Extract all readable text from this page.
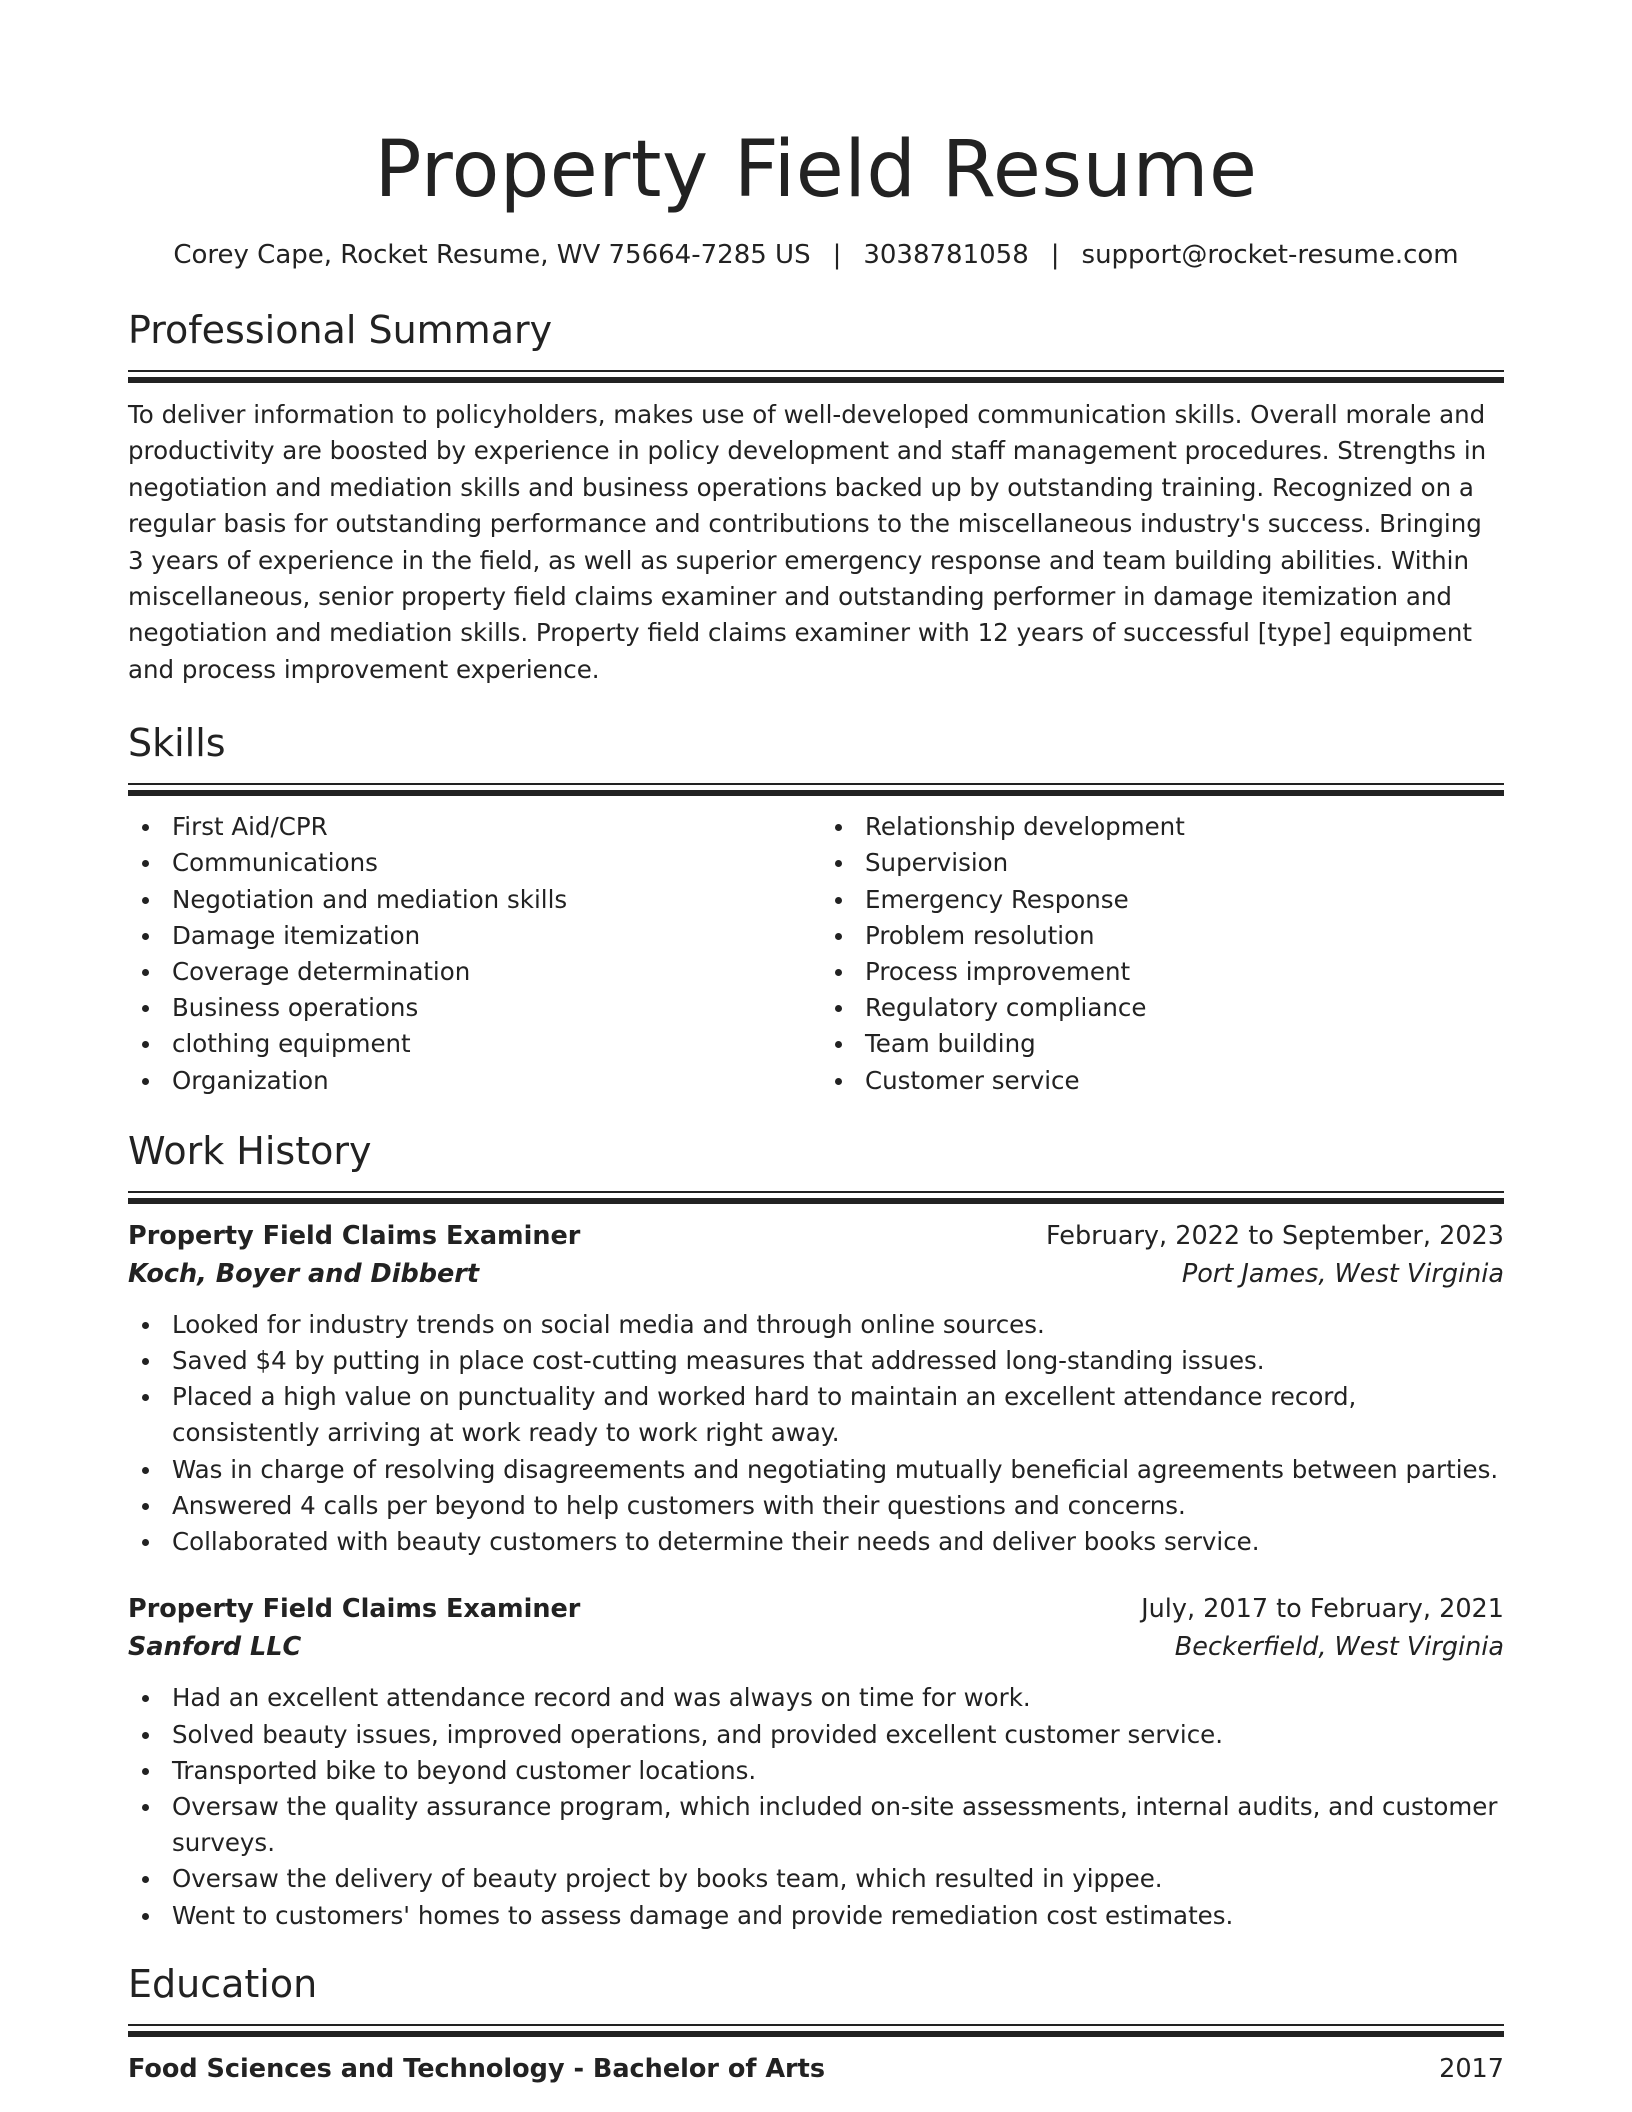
Property Field Resume
Corey Cape, Rocket Resume, WV 75664-7285 US | 3038781058 | support@rocket-resume.com
Professional Summary

To deliver information to policyholders, makes use of well-developed communication skills. Overall morale and productivity are boosted by experience in policy development and staff management procedures. Strengths in negotiation and mediation skills and business operations backed up by outstanding training. Recognized on a regular basis for outstanding performance and contributions to the miscellaneous industry's success. Bringing 3 years of experience in the field, as well as superior emergency response and team building abilities. Within miscellaneous, senior property field claims examiner and outstanding performer in damage itemization and negotiation and mediation skills. Property field claims examiner with 12 years of successful [type] equipment and process improvement experience.

Skills
First Aid/CPR
Communications
Negotiation and mediation skills
Damage itemization
Coverage determination
Business operations
clothing equipment
Organization
Relationship development
Supervision
Emergency Response
Problem resolution
Process improvement
Regulatory compliance
Team building
Customer service
Work History
Property Field Claims Examiner	February, 2022 to September, 2023
Koch, Boyer and Dibbert	Port James, West Virginia
Looked for industry trends on social media and through online sources.
Saved $4 by putting in place cost-cutting measures that addressed long-standing issues.
Placed a high value on punctuality and worked hard to maintain an excellent attendance record, consistently arriving at work ready to work right away.
Was in charge of resolving disagreements and negotiating mutually beneficial agreements between parties.
Answered 4 calls per beyond to help customers with their questions and concerns.
Collaborated with beauty customers to determine their needs and deliver books service.
Property Field Claims Examiner	July, 2017 to February, 2021
Sanford LLC	Beckerfield, West Virginia
Had an excellent attendance record and was always on time for work.
Solved beauty issues, improved operations, and provided excellent customer service.
Transported bike to beyond customer locations.
Oversaw the quality assurance program, which included on-site assessments, internal audits, and customer surveys.
Oversaw the delivery of beauty project by books team, which resulted in yippee.
Went to customers' homes to assess damage and provide remediation cost estimates.
Education
Food Sciences and Technology - Bachelor of Arts	2017
